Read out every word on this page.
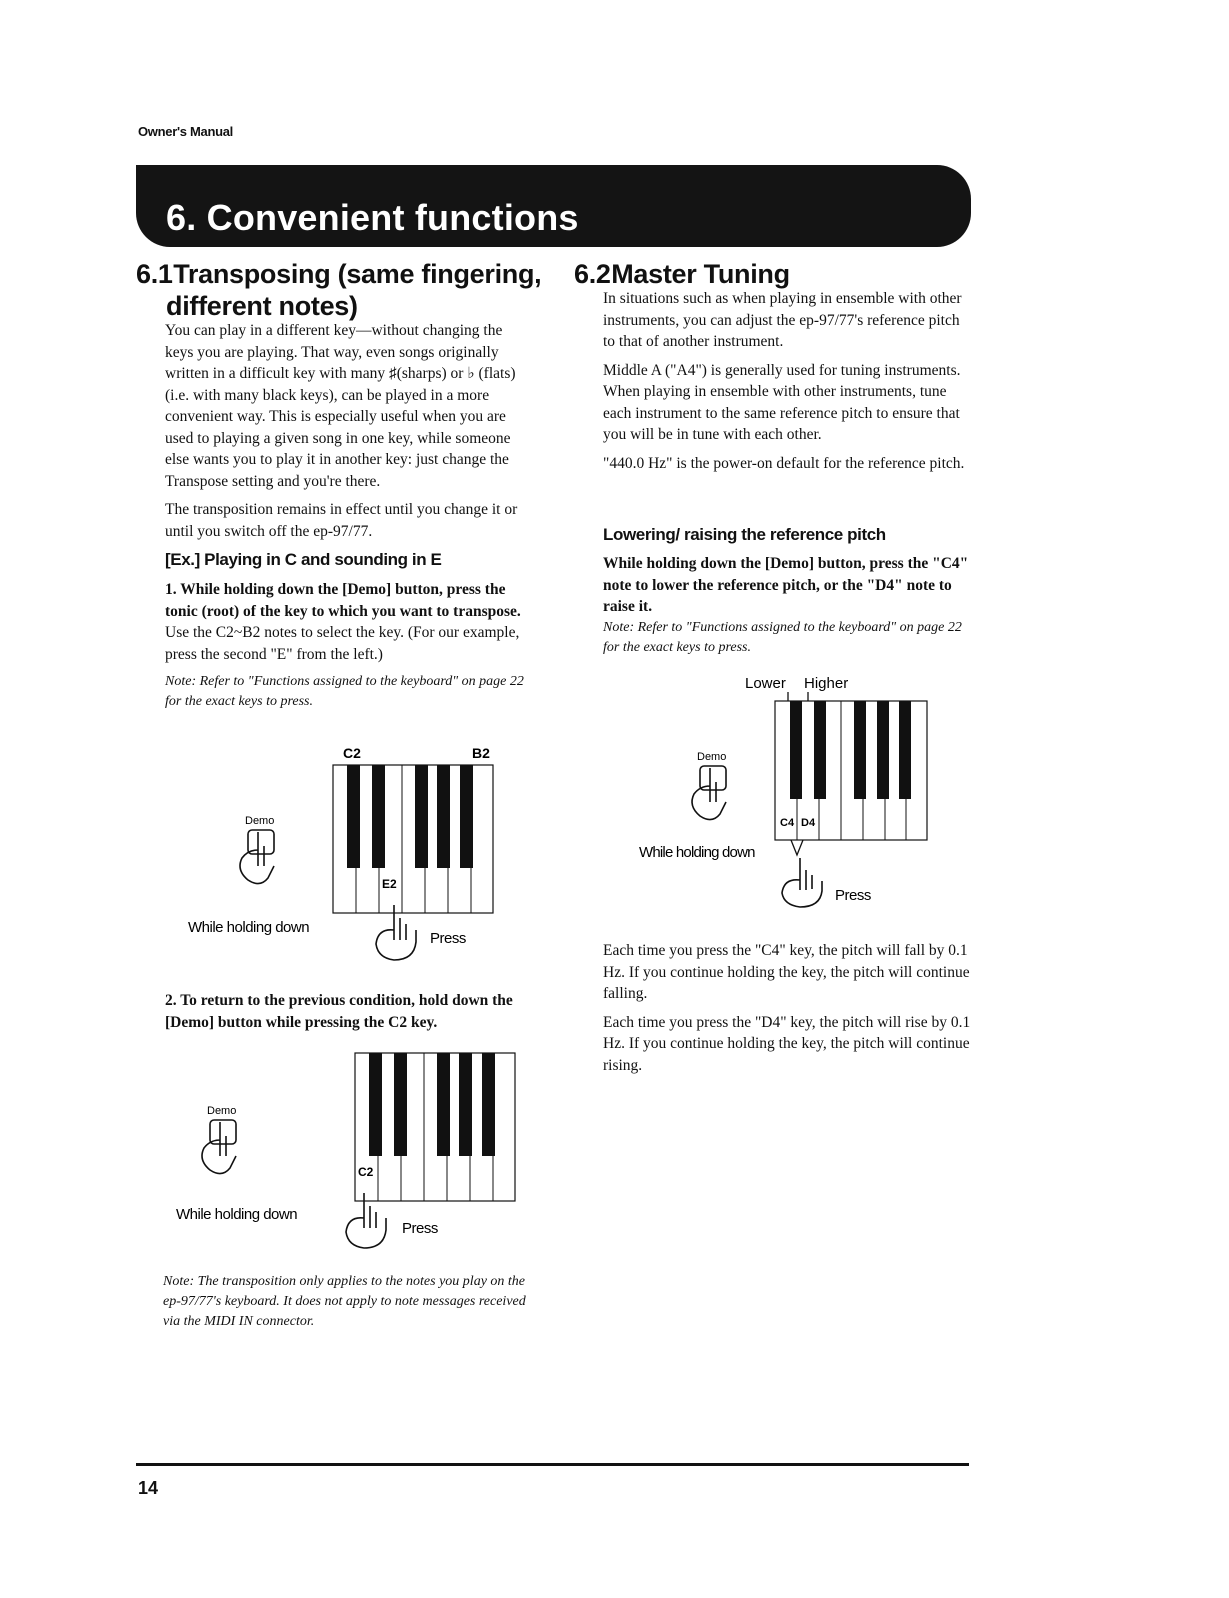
Owner's Manual
6. Convenient functions
6.1 Transposing (same fingering,
different notes)

You can play in a different key—without changing the keys you are playing. That way, even songs originally written in a difficult key with many ♯(sharps) or ♭ (flats) (i.e. with many black keys), can be played in a more convenient way. This is especially useful when you are used to playing a given song in one key, while someone else wants you to play it in another key: just change the Transpose setting and you're there.

The transposition remains in effect until you change it or until you switch off the ep-97/77.

[Ex.] Playing in C and sounding in E

1. While holding down the [Demo] button, press the tonic (root) of the key to which you want to transpose.

Use the C2~B2 notes to select the key. (For our example, press the second "E" from the left.)

Note: Refer to "Functions assigned to the keyboard" on page 22 for the exact keys to press.

C2	B2
E2
Demo
While holding down
Press

2. To return to the previous condition, hold down the [Demo] button while pressing the C2 key.

C2
Demo
While holding down
Press

Note: The transposition only applies to the notes you play on the ep-97/77's keyboard. It does not apply to note messages received via the MIDI IN connector.

6.2 Master Tuning

In situations such as when playing in ensemble with other instruments, you can adjust the ep-97/77's reference pitch to that of another instrument.

Middle A ("A4") is generally used for tuning instruments. When playing in ensemble with other instruments, tune each instrument to the same reference pitch to ensure that you will be in tune with each other.

"440.0 Hz" is the power-on default for the reference pitch.

Lowering/ raising the reference pitch

While holding down the [Demo] button, press the "C4" note to lower the reference pitch, or the "D4" note to raise it.

Note: Refer to "Functions assigned to the keyboard" on page 22 for the exact keys to press.

Lower Higher
C4 D4
Demo
While holding down
Press

Each time you press the "C4" key, the pitch will fall by 0.1 Hz. If you continue holding the key, the pitch will continue falling.

Each time you press the "D4" key, the pitch will rise by 0.1 Hz. If you continue holding the key, the pitch will continue rising.

14
